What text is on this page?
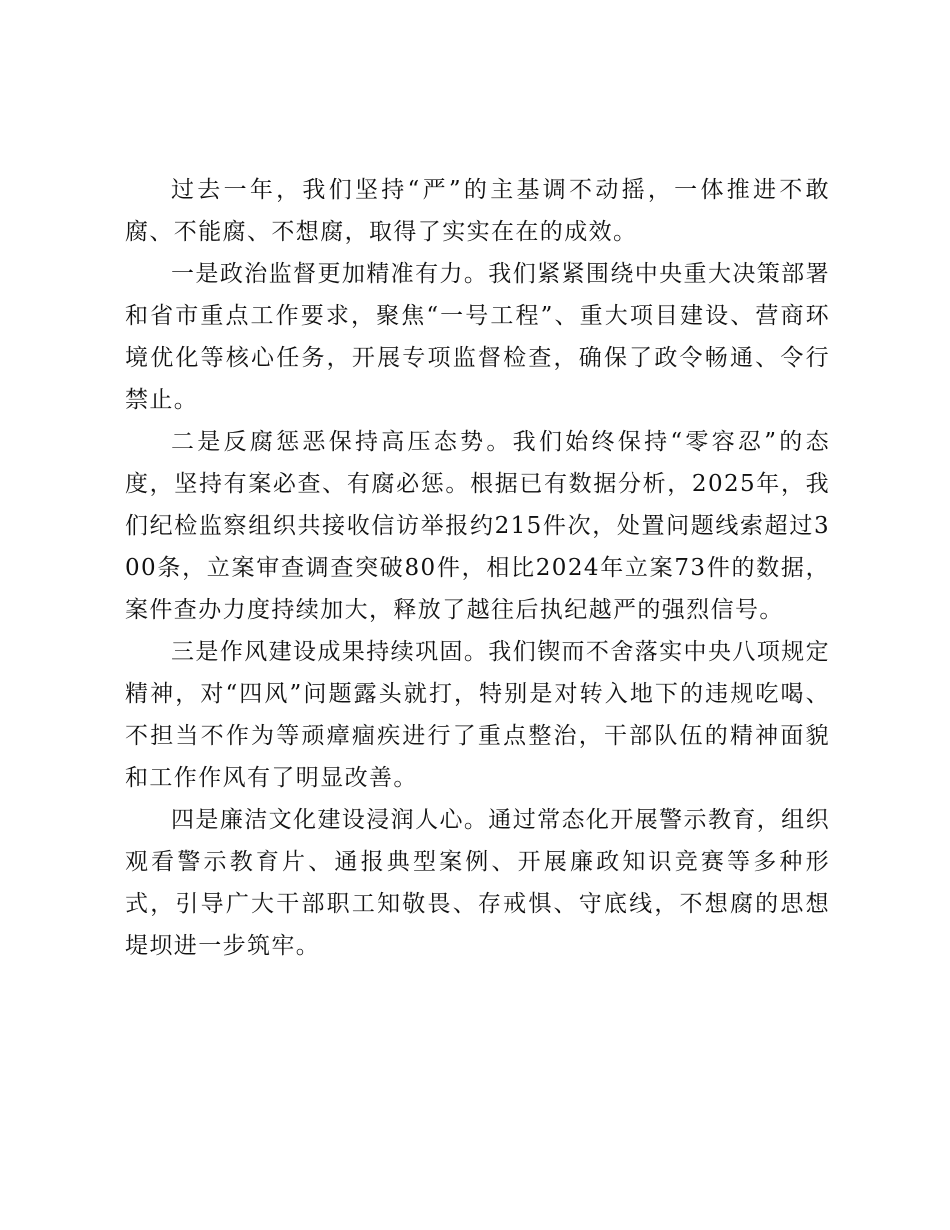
过去一年，我们坚持“严”的主基调不动摇，一体推进不敢腐、不能腐、不想腐，取得了实实在在的成效。

一是政治监督更加精准有力。我们紧紧围绕中央重大决策部署和省市重点工作要求，聚焦“一号工程”、重大项目建设、营商环境优化等核心任务，开展专项监督检查，确保了政令畅通、令行禁止。

二是反腐惩恶保持高压态势。我们始终保持“零容忍”的态度，坚持有案必查、有腐必惩。根据已有数据分析，2025年，我们纪检监察组织共接收信访举报约215件次，处置问题线索超过300条，立案审查调查突破80件，相比2024年立案73件的数据，案件查办力度持续加大，释放了越往后执纪越严的强烈信号。

三是作风建设成果持续巩固。我们锲而不舍落实中央八项规定精神，对“四风”问题露头就打，特别是对转入地下的违规吃喝、不担当不作为等顽瘴痼疾进行了重点整治，干部队伍的精神面貌和工作作风有了明显改善。

四是廉洁文化建设浸润人心。通过常态化开展警示教育，组织观看警示教育片、通报典型案例、开展廉政知识竞赛等多种形式，引导广大干部职工知敬畏、存戒惧、守底线，不想腐的思想堤坝进一步筑牢。
